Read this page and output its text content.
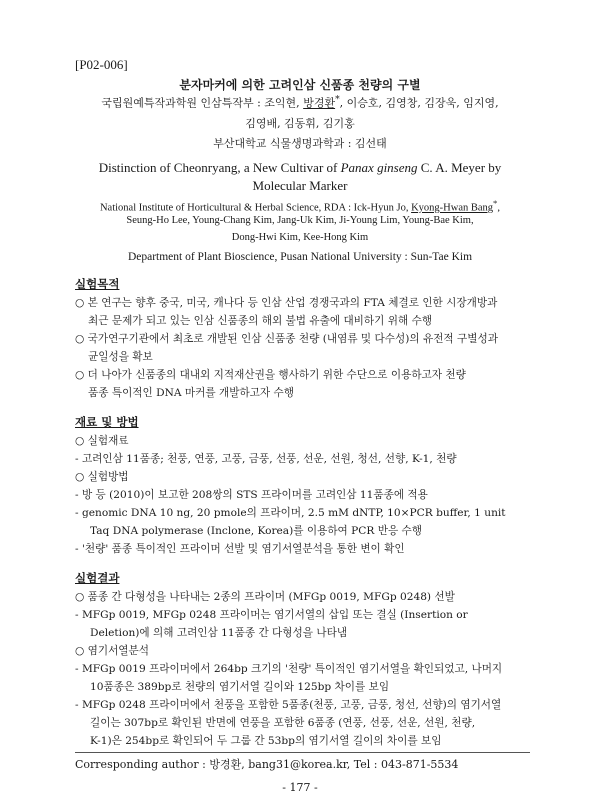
[P02-006]
분자마커에 의한 고려인삼 신품종 천량의 구별
국립원예특작과학원 인삼특작부 : 조익현, 방경환*, 이승호, 김영창, 김장욱, 임지영,
김영배, 김동휘, 김기홍
부산대학교 식물생명과학과 : 김선태
Distinction of Cheonryang, a New Cultivar of Panax ginseng C. A. Meyer by
Molecular Marker
National Institute of Horticultural & Herbal Science, RDA : Ick-Hyun Jo, Kyong-Hwan Bang*,
Seung-Ho Lee, Young-Chang Kim, Jang-Uk Kim, Ji-Young Lim, Young-Bae Kim,
Dong-Hwi Kim, Kee-Hong Kim
Department of Plant Bioscience, Pusan National University : Sun-Tae Kim
실험목적
○ 본 연구는 향후 중국, 미국, 캐나다 등 인삼 산업 경쟁국과의 FTA 체결로 인한 시장개방과
최근 문제가 되고 있는 인삼 신품종의 해외 불법 유출에 대비하기 위해 수행
○ 국가연구기관에서 최초로 개발된 인삼 신품종 천량 (내염류 및 다수성)의 유전적 구별성과
균일성을 확보
○ 더 나아가 신품종의 대내외 지적재산권을 행사하기 위한 수단으로 이용하고자 천량
품종 특이적인 DNA 마커를 개발하고자 수행
재료 및 방법
○ 실험재료
- 고려인삼 11품종; 천풍, 연풍, 고풍, 금풍, 선풍, 선운, 선원, 청선, 선향, K-1, 천량
○ 실험방법
- 방 등 (2010)이 보고한 208쌍의 STS 프라이머를 고려인삼 11품종에 적용
- genomic DNA 10 ng, 20 pmole의 프라이머, 2.5 mM dNTP, 10×PCR buffer, 1 unit
Taq DNA polymerase (Inclone, Korea)를 이용하여 PCR 반응 수행
- '천량' 품종 특이적인 프라이머 선발 및 염기서열분석을 통한 변이 확인
실험결과
○ 품종 간 다형성을 나타내는 2종의 프라이머 (MFGp 0019, MFGp 0248) 선발
- MFGp 0019, MFGp 0248 프라이머는 염기서열의 삽입 또는 결실 (Insertion or
Deletion)에 의해 고려인삼 11품종 간 다형성을 나타냄
○ 염기서열분석
- MFGp 0019 프라이머에서 264bp 크기의 '천량' 특이적인 염기서열을 확인되었고, 나머지
10품종은 389bp로 천량의 염기서열 길이와 125bp 차이를 보임
- MFGp 0248 프라이머에서 천풍을 포함한 5품종(천풍, 고풍, 금풍, 청선, 선향)의 염기서열
길이는 307bp로 확인된 반면에 연풍을 포함한 6품종 (연풍, 선풍, 선운, 선원, 천량,
K-1)은 254bp로 확인되어 두 그룹 간 53bp의 염기서열 길이의 차이를 보임
Corresponding author : 방경환, bang31@korea.kr, Tel : 043-871-5534
- 177 -
